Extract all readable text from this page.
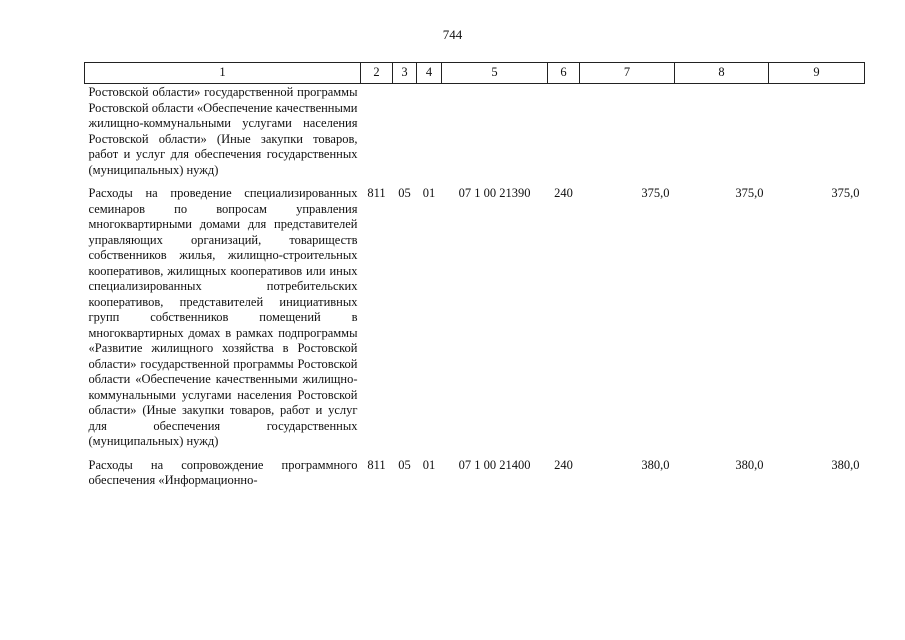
744
1	2	3	4	5	6	7	8	9
Ростовской области» государственной программы Ростовской области «Обеспечение качественными жилищно-коммунальными услугами населения Ростовской области» (Иные закупки товаров, работ и услуг для обеспечения государственных (муниципальных) нужд)								
Расходы на проведение специализированных семинаров по вопросам управления многоквартирными домами для представителей управляющих организаций, товариществ собственников жилья, жилищно-строительных кооперативов, жилищных кооперативов или иных специализированных потребительских кооперативов, представителей инициативных групп собственников помещений в многоквартирных домах в рамках подпрограммы «Развитие жилищного хозяйства в Ростовской области» государственной программы Ростовской области «Обеспечение качественными жилищно-коммунальными услугами населения Ростовской области» (Иные закупки товаров, работ и услуг для обеспечения государственных (муниципальных) нужд)	811	05	01	07 1 00 21390	240	375,0	375,0	375,0
Расходы на сопровождение программного обеспечения «Информационно-	811	05	01	07 1 00 21400	240	380,0	380,0	380,0
